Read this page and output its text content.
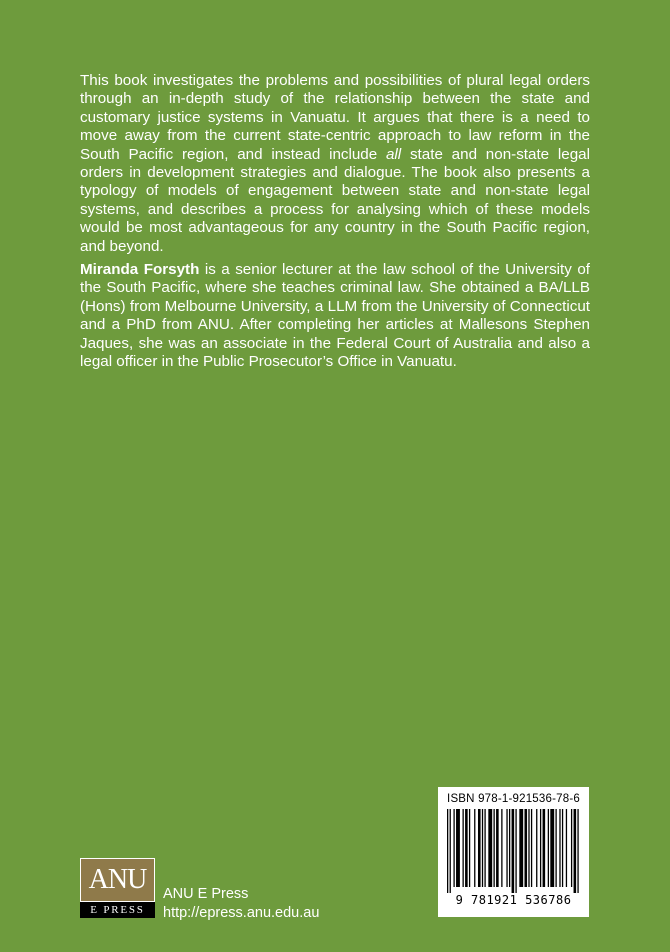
This book investigates the problems and possibilities of plural legal orders through an in-depth study of the relationship between the state and customary justice systems in Vanuatu. It argues that there is a need to move away from the current state-centric approach to law reform in the South Pacific region, and instead include all state and non-state legal orders in development strategies and dialogue. The book also presents a typology of models of engagement between state and non-state legal systems, and describes a process for analysing which of these models would be most advantageous for any country in the South Pacific region, and beyond.

Miranda Forsyth is a senior lecturer at the law school of the University of the South Pacific, where she teaches criminal law. She obtained a BA/LLB (Hons) from Melbourne University, a LLM from the University of Connecticut and a PhD from ANU. After completing her articles at Mallesons Stephen Jaques, she was an associate in the Federal Court of Australia and also a legal officer in the Public Prosecutor’s Office in Vanuatu.

ISBN 978-1-921536-78-6
9 781921 536786
ANU
E PRESS
ANU E Press
http://epress.anu.edu.au
